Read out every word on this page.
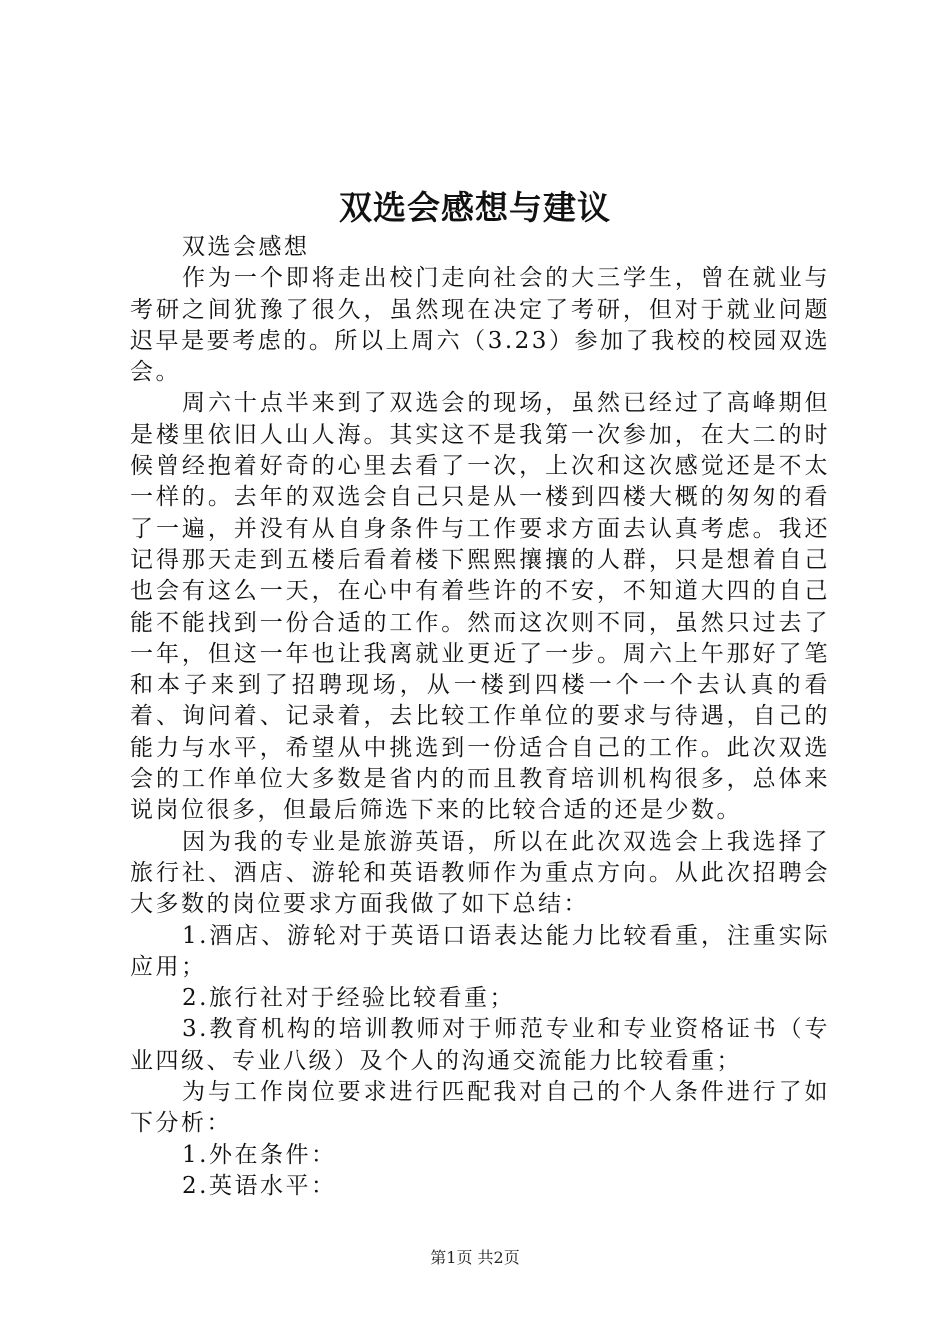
双选会感想与建议

双选会感想

作为一个即将走出校门走向社会的大三学生，曾在就业与考研之间犹豫了很久，虽然现在决定了考研，但对于就业问题迟早是要考虑的。所以上周六（3.23）参加了我校的校园双选会。

周六十点半来到了双选会的现场，虽然已经过了高峰期但是楼里依旧人山人海。其实这不是我第一次参加，在大二的时候曾经抱着好奇的心里去看了一次，上次和这次感觉还是不太一样的。去年的双选会自己只是从一楼到四楼大概的匆匆的看了一遍，并没有从自身条件与工作要求方面去认真考虑。我还记得那天走到五楼后看着楼下熙熙攘攘的人群，只是想着自己也会有这么一天，在心中有着些许的不安，不知道大四的自己能不能找到一份合适的工作。然而这次则不同，虽然只过去了一年，但这一年也让我离就业更近了一步。周六上午那好了笔和本子来到了招聘现场，从一楼到四楼一个一个去认真的看着、询问着、记录着，去比较工作单位的要求与待遇，自己的能力与水平，希望从中挑选到一份适合自己的工作。此次双选会的工作单位大多数是省内的而且教育培训机构很多，总体来说岗位很多，但最后筛选下来的比较合适的还是少数。

因为我的专业是旅游英语，所以在此次双选会上我选择了旅行社、酒店、游轮和英语教师作为重点方向。从此次招聘会大多数的岗位要求方面我做了如下总结：

1.酒店、游轮对于英语口语表达能力比较看重，注重实际应用；

2.旅行社对于经验比较看重；

3.教育机构的培训教师对于师范专业和专业资格证书（专业四级、专业八级）及个人的沟通交流能力比较看重；

为与工作岗位要求进行匹配我对自己的个人条件进行了如下分析：

1.外在条件：

2.英语水平：

第1页 共2页
